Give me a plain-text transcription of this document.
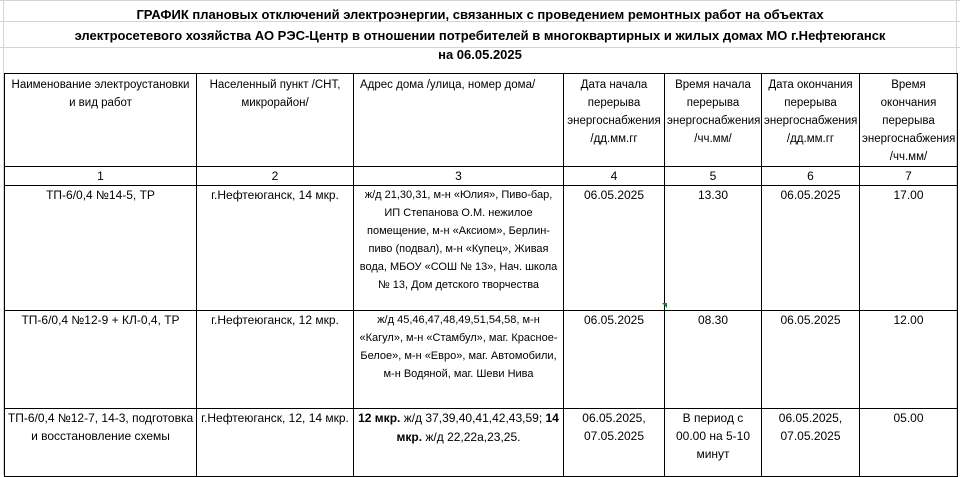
ГРАФИК плановых отключений электроэнергии, связанных с проведением ремонтных работ на объектах
электросетевого хозяйства АО РЭС-Центр в отношении потребителей в многоквартирных и жилых домах МО г.Нефтеюганск
на 06.05.2025
Наименование электроустановки и вид работ	Населенный пункт /СНТ, микрорайон/	Адрес дома /улица, номер дома/	Дата начала перерыва энергоснабжения /дд.мм.гг	Время начала перерыва энергоснабжения /чч.мм/	Дата окончания перерыва энергоснабжения /дд.мм.гг	Время окончания перерыва энергоснабжения /чч.мм/
1	2	3	4	5	6	7
ТП-6/0,4 №14-5, ТР	г.Нефтеюганск, 14 мкр.	ж/д 21,30,31, м-н «Юлия», Пиво-бар, ИП Степанова О.М. нежилое помещение, м-н «Аксиом», Берлин-пиво (подвал), м-н «Купец», Живая вода, МБОУ «СОШ № 13», Нач. школа № 13, Дом детского творчества	06.05.2025	13.30	06.05.2025	17.00
ТП-6/0,4 №12-9 + КЛ-0,4, ТР	г.Нефтеюганск, 12 мкр.	ж/д 45,46,47,48,49,51,54,58, м-н «Кагул», м-н «Стамбул», маг. Красное-Белое», м-н «Евро», маг. Автомобили, м-н Водяной, маг. Шеви Нива	06.05.2025	08.30	06.05.2025	12.00
ТП-6/0,4 №12-7, 14-3, подготовка и восстановление схемы	г.Нефтеюганск, 12, 14 мкр.	12 мкр. ж/д 37,39,40,41,42,43,59; 14 мкр. ж/д 22,22а,23,25.	06.05.2025, 07.05.2025	В период с 00.00 на 5-10 минут	06.05.2025, 07.05.2025	05.00
